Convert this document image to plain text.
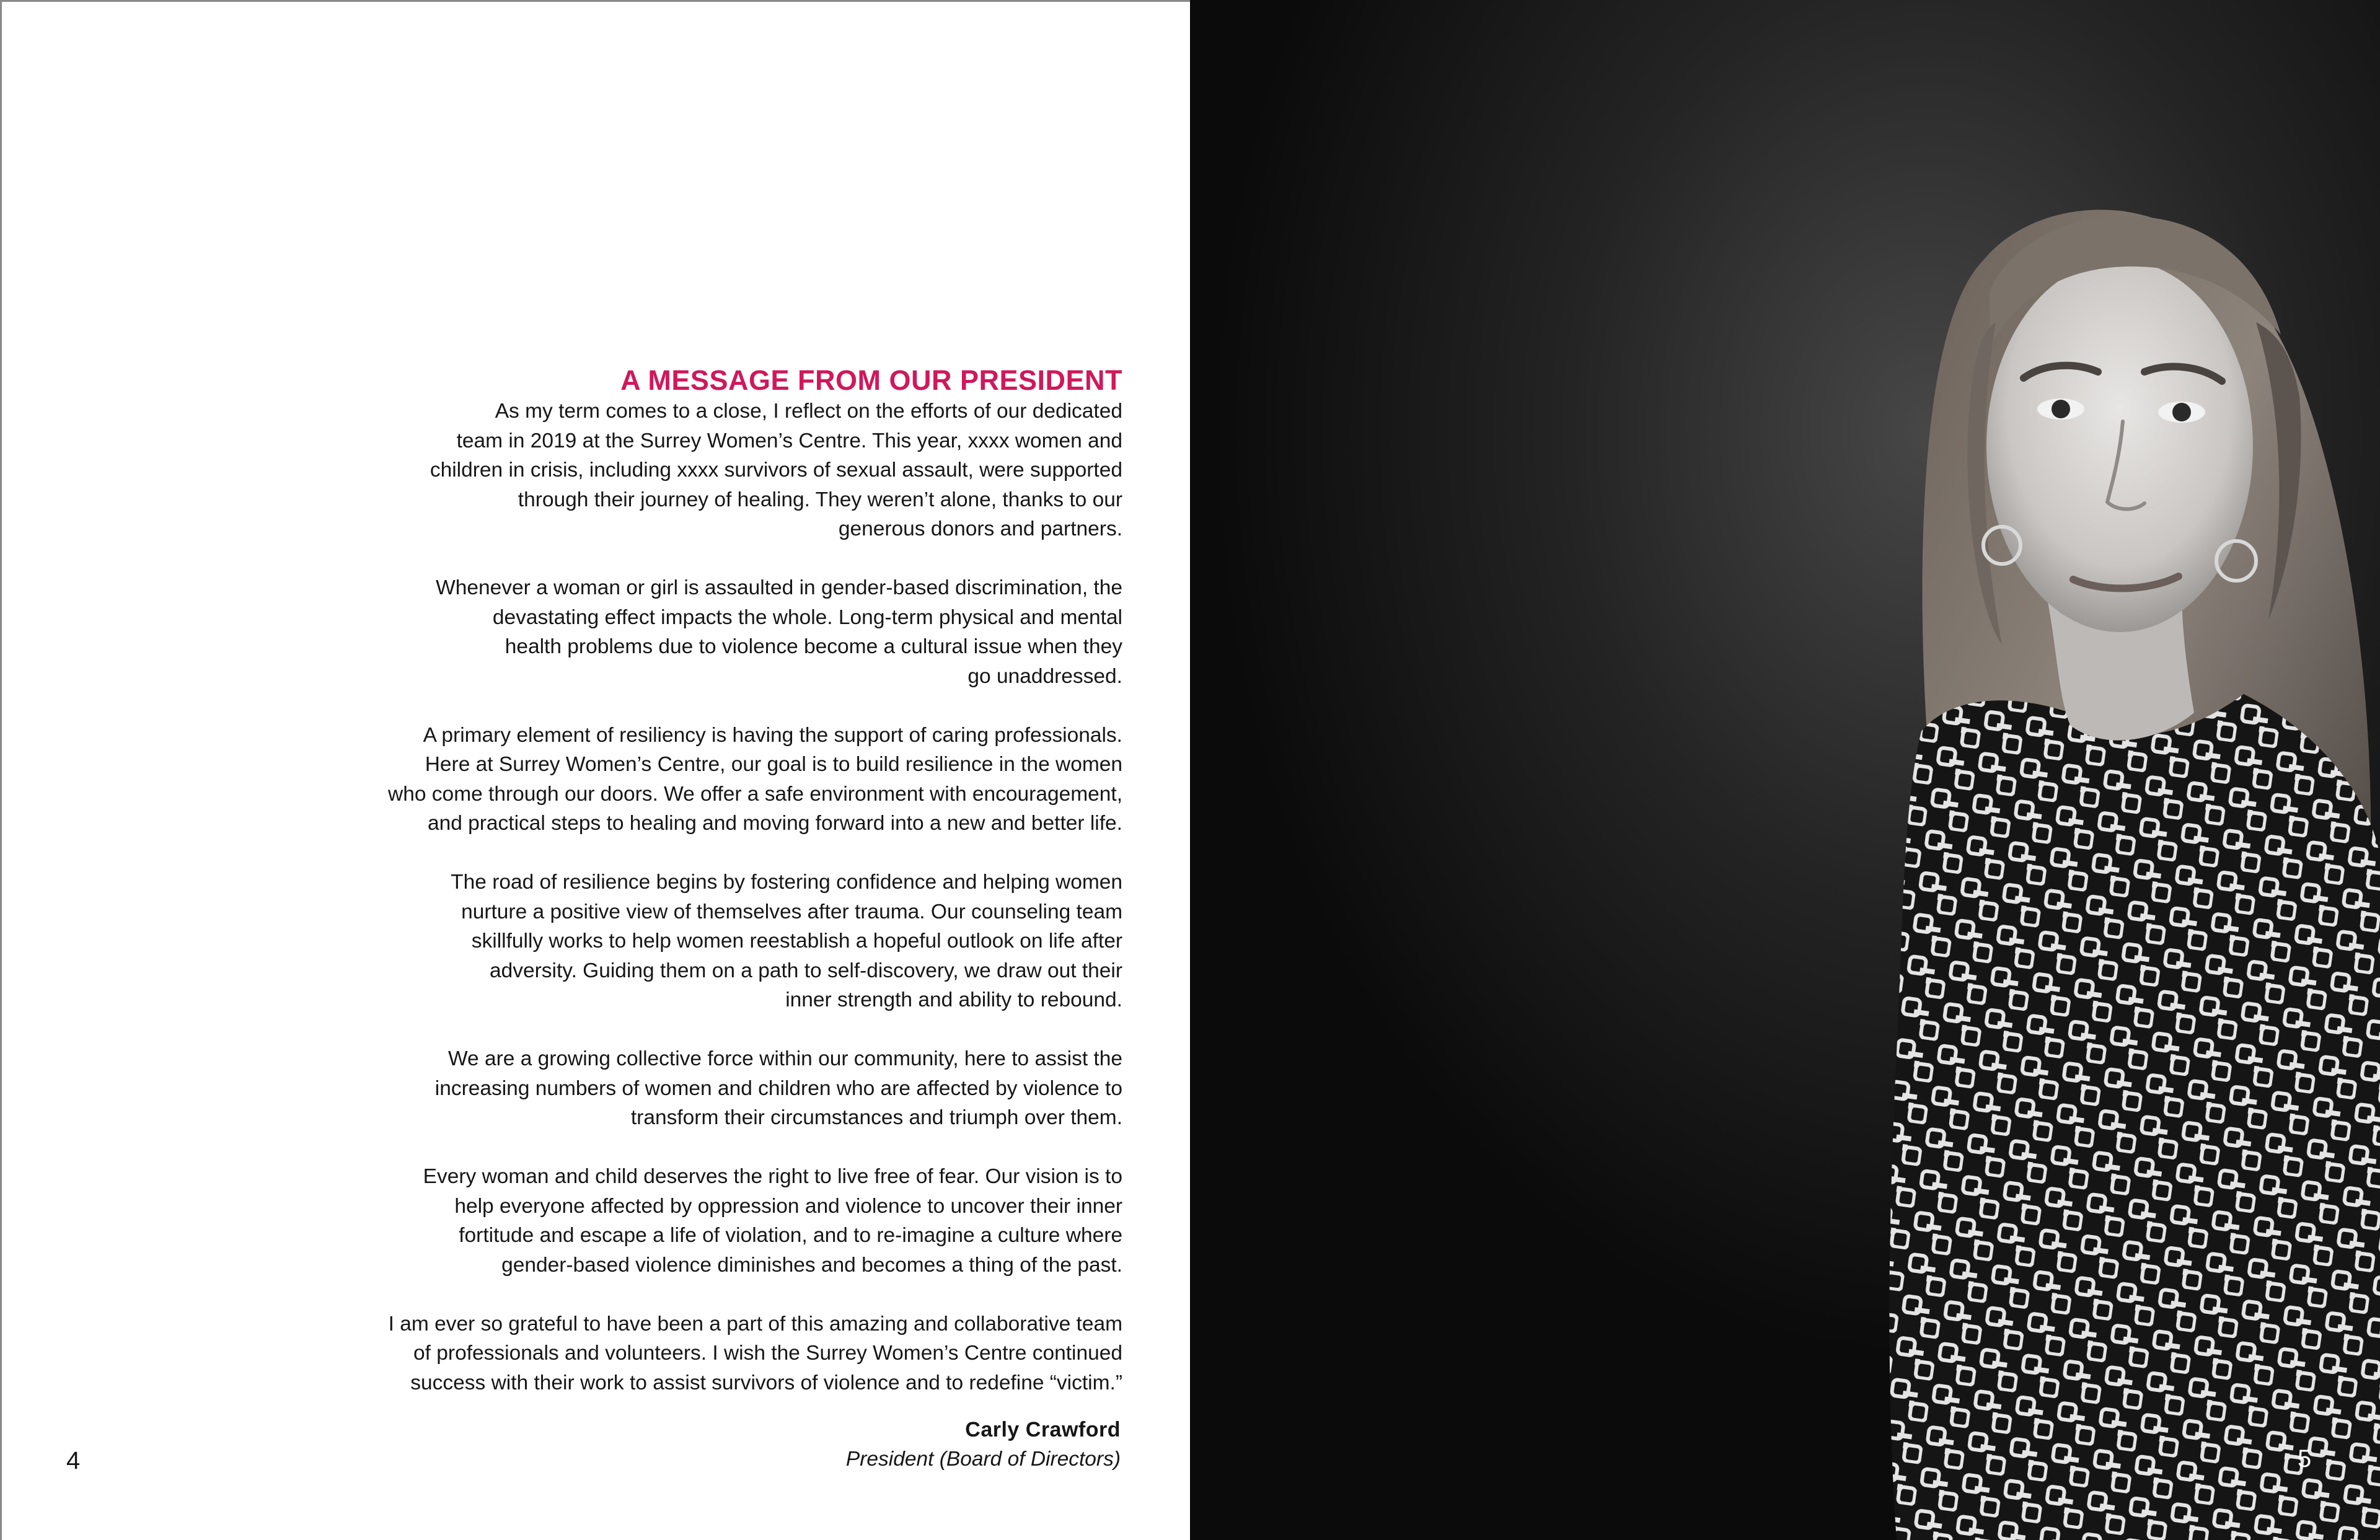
A MESSAGE FROM OUR PRESIDENT

As my term comes to a close, I reflect on the efforts of our dedicated
team in 2019 at the Surrey Women’s Centre. This year, xxxx women and
children in crisis, including xxxx survivors of sexual assault, were supported
through their journey of healing. They weren’t alone, thanks to our
generous donors and partners.

Whenever a woman or girl is assaulted in gender-based discrimination, the
devastating effect impacts the whole. Long-term physical and mental
health problems due to violence become a cultural issue when they
go unaddressed.

A primary element of resiliency is having the support of caring professionals.
Here at Surrey Women’s Centre, our goal is to build resilience in the women
who come through our doors. We offer a safe environment with encouragement,
and practical steps to healing and moving forward into a new and better life.

The road of resilience begins by fostering confidence and helping women
nurture a positive view of themselves after trauma. Our counseling team
skillfully works to help women reestablish a hopeful outlook on life after
adversity. Guiding them on a path to self-discovery, we draw out their
inner strength and ability to rebound.

We are a growing collective force within our community, here to assist the
increasing numbers of women and children who are affected by violence to
transform their circumstances and triumph over them.

Every woman and child deserves the right to live free of fear. Our vision is to
help everyone affected by oppression and violence to uncover their inner
fortitude and escape a life of violation, and to re-imagine a culture where
gender-based violence diminishes and becomes a thing of the past.

I am ever so grateful to have been a part of this amazing and collaborative team
of professionals and volunteers. I wish the Surrey Women’s Centre continued
success with their work to assist survivors of violence and to redefine “victim.”

4
Carly Crawford
President (Board of Directors)	5
